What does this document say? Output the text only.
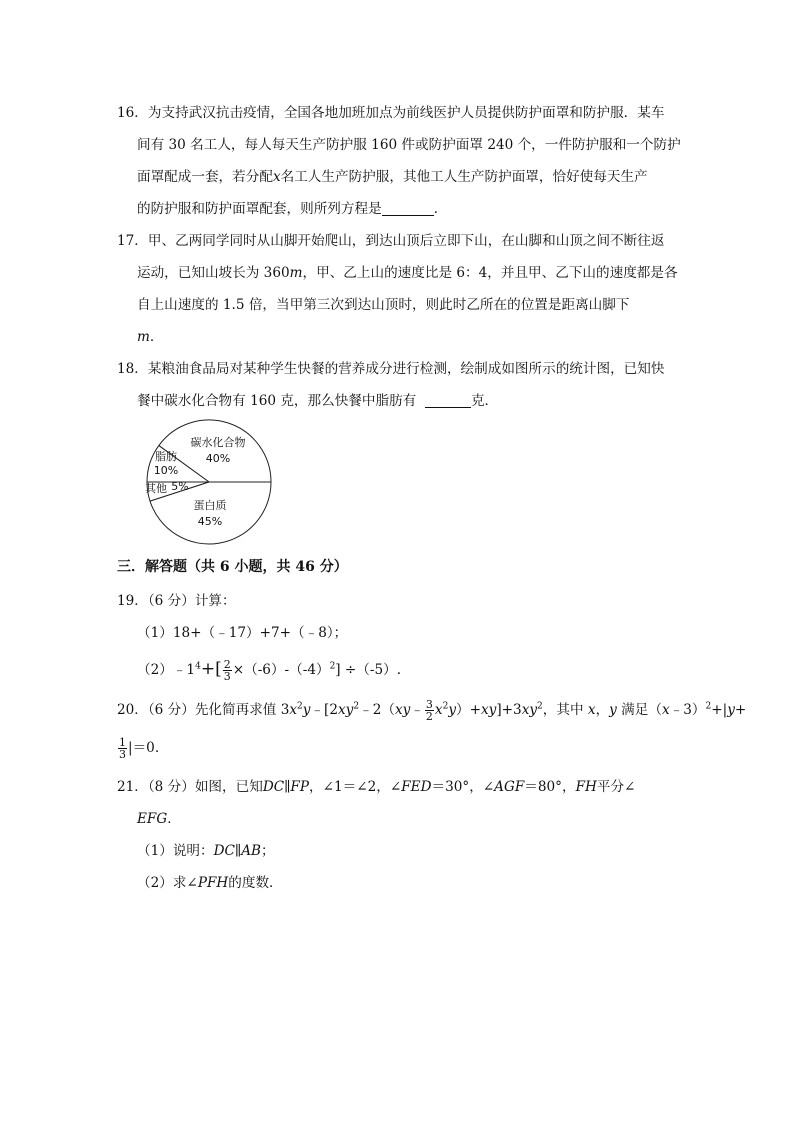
16．为支持武汉抗击疫情，全国各地加班加点为前线医护人员提供防护面罩和防护服．某车
间有 30 名工人，每人每天生产防护服 160 件或防护面罩 240 个，一件防护服和一个防护
面罩配成一套，若分配x名工人生产防护服，其他工人生产防护面罩，恰好使每天生产
的防护服和防护面罩配套，则所列方程是	．
17．甲、乙两同学同时从山脚开始爬山，到达山顶后立即下山，在山脚和山顶之间不断往返
运动，已知山坡长为 360m，甲、乙上山的速度比是 6：4，并且甲、乙下山的速度都是各
自上山速度的 1.5 倍，当甲第三次到达山顶时，则此时乙所在的位置是距离山脚下
m．
18．某粮油食品局对某种学生快餐的营养成分进行检测，绘制成如图所示的统计图，已知快
餐中碳水化合物有 160 克，那么快餐中脂肪有	克．
碳水化合物
40%
脂肪
10%
其他 5%
蛋白质
45%
三．解答题（共 6 小题，共 46 分）
19．（6 分）计算：
（1）18+（﹣17）+7+（﹣8）；
$(2)﹣1^4+[ \frac{2}{3} \times(-6)-(-4)^2] \div(-5)$.
20．（6 分）先化简再求值 $3x^2y﹣[2xy^2﹣2(xy﹣ \frac{3}{2} x^2y)+xy]+3xy^2$，其中 x，y 满足（x﹣3）$^2$+|y+
$\frac{1}{3} |=0$.
21．（8 分）如图，已知DC∥FP，∠1＝∠2，∠FED＝30°，∠AGF＝80°，FH平分∠
EFG．
（1）说明：DC∥AB；
（2）求∠PFH的度数．
